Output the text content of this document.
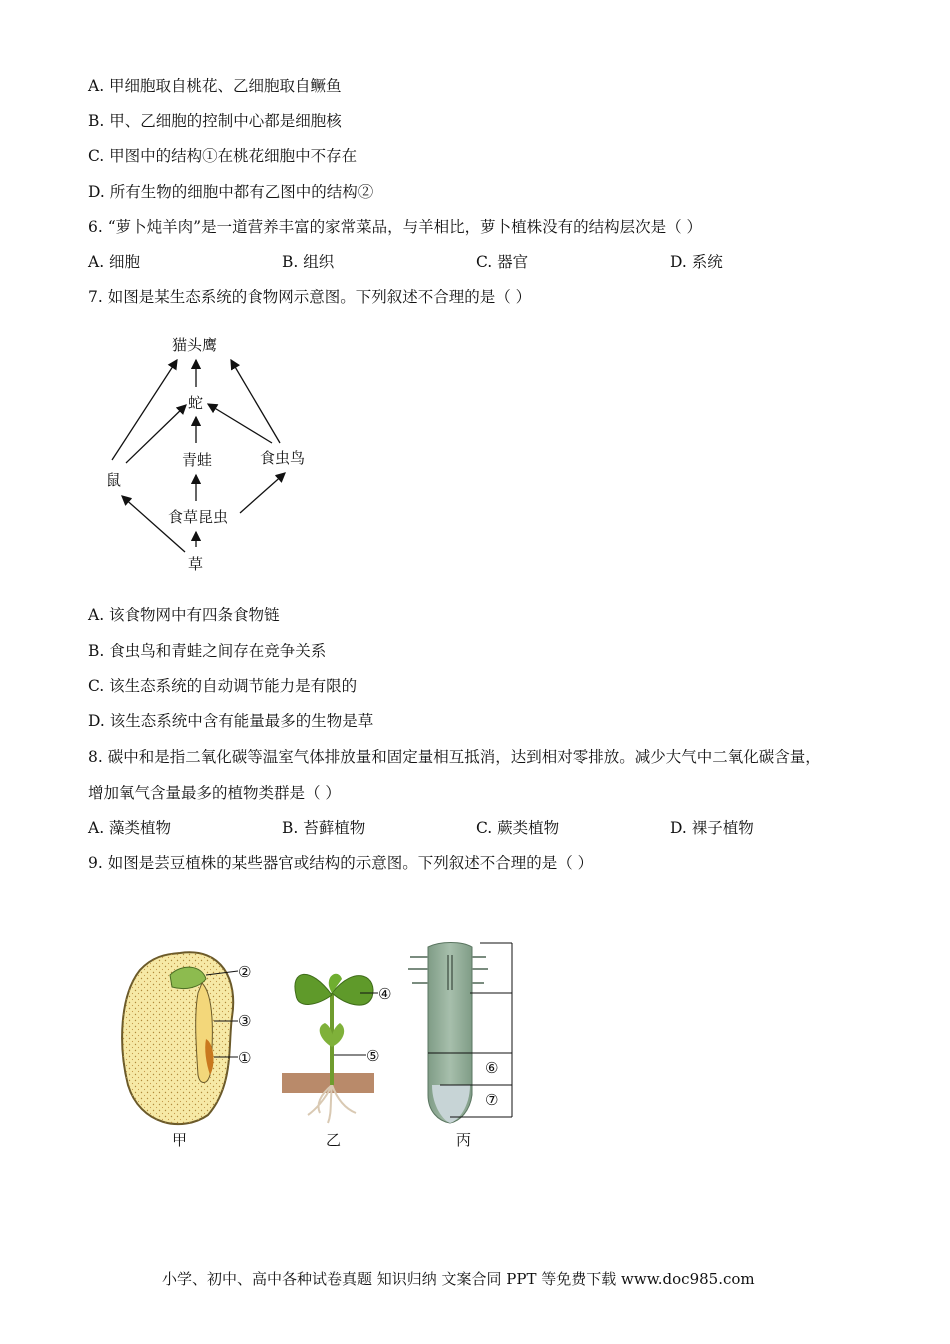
A. 甲细胞取自桃花、乙细胞取自鳜鱼
B. 甲、乙细胞的控制中心都是细胞核
C. 甲图中的结构①在桃花细胞中不存在
D. 所有生物的细胞中都有乙图中的结构②
6. “萝卜炖羊肉”是一道营养丰富的家常菜品，与羊相比，萝卜植株没有的结构层次是（ ）
A. 细胞	B. 组织	C. 器官	D. 系统
7. 如图是某生态系统的食物网示意图。下列叙述不合理的是（ ）
猫头鹰
蛇
青蛙	食虫鸟
鼠
食草昆虫
草
A. 该食物网中有四条食物链
B. 食虫鸟和青蛙之间存在竞争关系
C. 该生态系统的自动调节能力是有限的
D. 该生态系统中含有能量最多的生物是草
8. 碳中和是指二氧化碳等温室气体排放量和固定量相互抵消，达到相对零排放。减少大气中二氧化碳含量，
增加氧气含量最多的植物类群是（ ）
A. 藻类植物	B. 苔藓植物	C. 蕨类植物	D. 裸子植物
9. 如图是芸豆植株的某些器官或结构的示意图。下列叙述不合理的是（ ）
②
③
①
甲
④
⑤
乙
⑥
⑦
丙
小学、初中、高中各种试卷真题 知识归纳 文案合同 PPT 等免费下载 www.doc985.com
